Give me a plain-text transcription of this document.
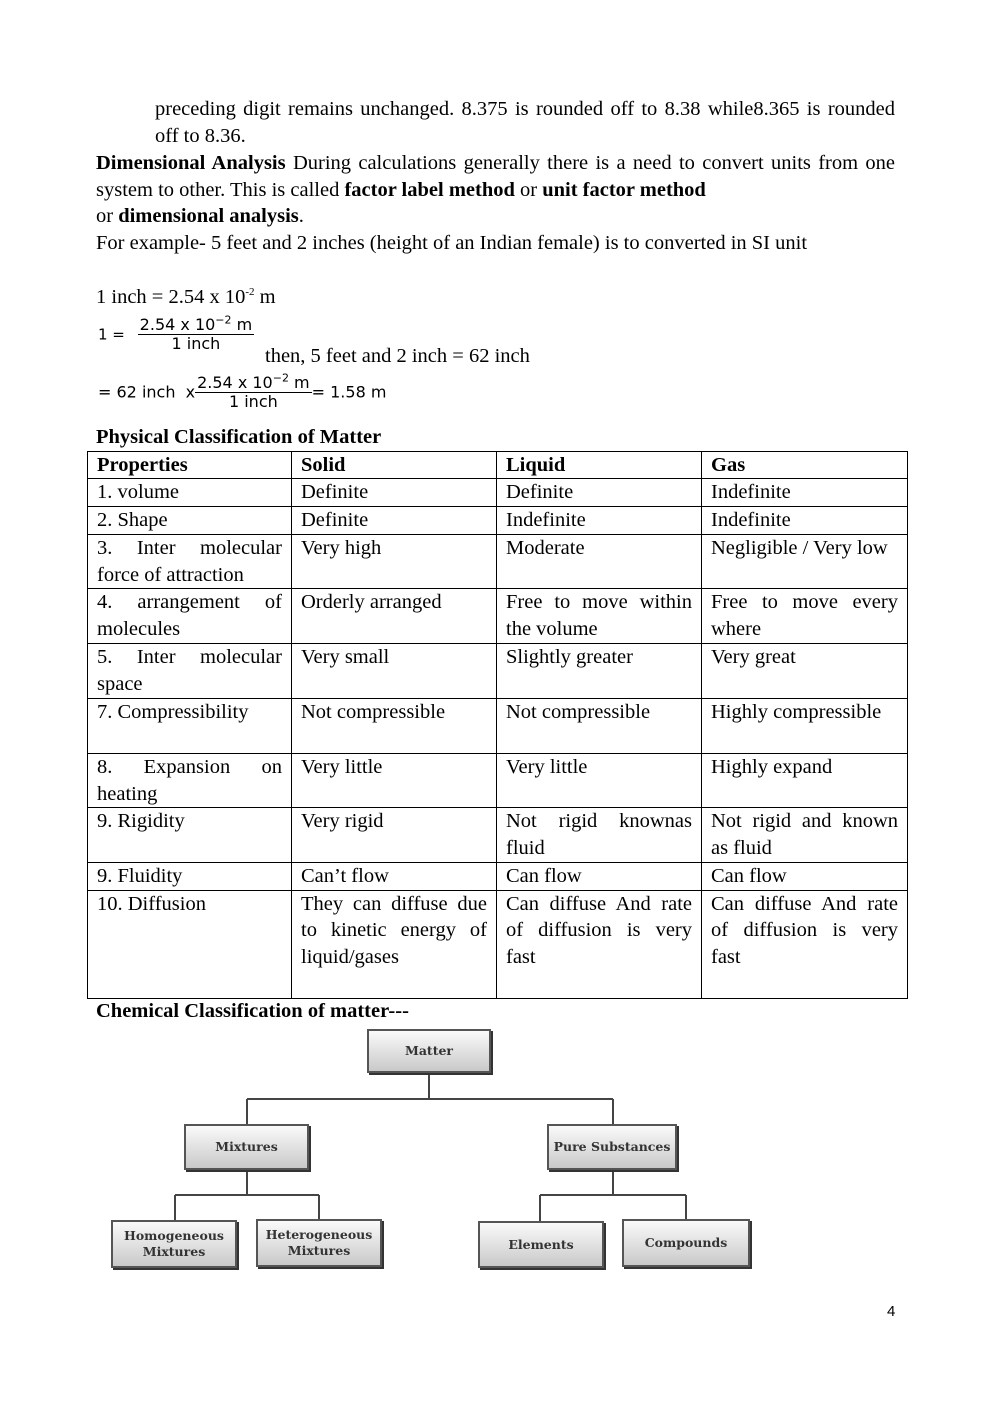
preceding digit remains unchanged. 8.375 is rounded off to 8.38 while8.365 is rounded off to 8.36.
Dimensional Analysis During calculations generally there is a need to convert units from one system to other. This is called factor label method or unit factor method
or dimensional analysis.
For example- 5 feet and 2 inches (height of an Indian female) is to converted in SI unit
1 inch = 2.54 x $10^{-2}$ m
$1 = \frac{2.54 x 10^{-2} m}{\text{1 inch}}$
then, 5 feet and 2 inch = 62 inch
= 62 inch  x $\frac{2.54 x 10^{-2} m}{\text{1 inch}} = 1.58$ m
Physical Classification of Matter
Properties	Solid	Liquid	Gas
1. volume	Definite	Definite	Indefinite
2. Shape	Definite	Indefinite	Indefinite
3. Inter molecular force of attraction	Very high	Moderate	Negligible / Very low
4. arrangement of molecules	Orderly arranged	Free to move within the volume	Free to move every where
5. Inter molecular space	Very small	Slightly greater	Very great
7. Compressibility	Not compressible	Not compressible	Highly compressible
8. Expansion on heating	Very little	Very little	Highly expand
9. Rigidity	Very rigid	Not rigid knownas fluid	Not rigid and known as fluid
9. Fluidity	Can’t flow	Can flow	Can flow
10. Diffusion	They can diffuse due to kinetic energy of liquid/gases	Can diffuse And rate of diffusion is very fast	Can diffuse And rate of diffusion is very fast
Chemical Classification of matter---
Matter
Mixtures	Pure Substances
Homogeneous Mixtures
Heterogeneous Mixtures	Elements	Compounds
4
